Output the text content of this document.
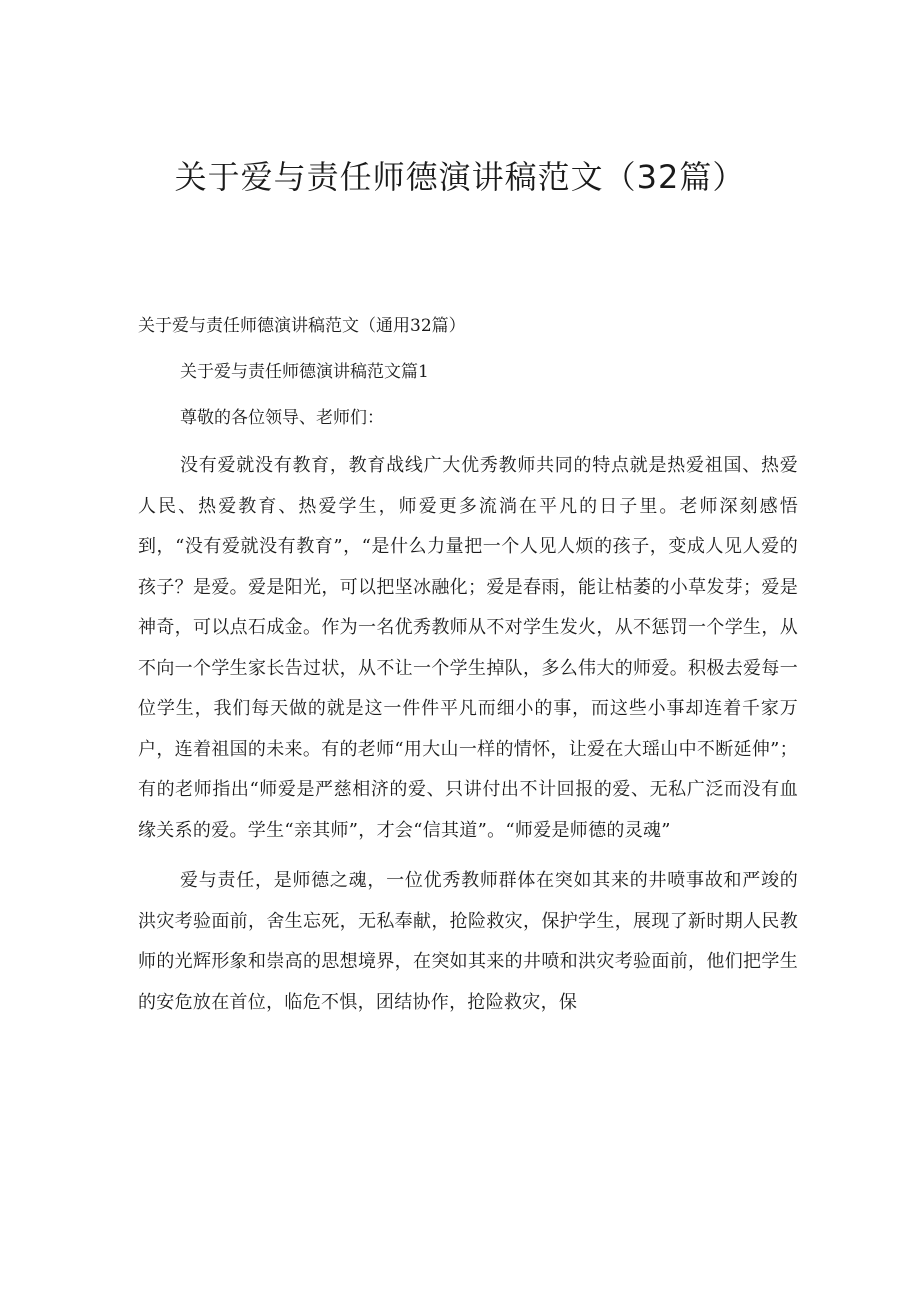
关于爱与责任师德演讲稿范文（32篇）

关于爱与责任师德演讲稿范文（通用32篇）

关于爱与责任师德演讲稿范文篇1

尊敬的各位领导、老师们：

没有爱就没有教育，教育战线广大优秀教师共同的特点就是热爱祖国、热爱人民、热爱教育、热爱学生，师爱更多流淌在平凡的日子里。老师深刻感悟到，“没有爱就没有教育”，“是什么力量把一个人见人烦的孩子，变成人见人爱的孩子？是爱。爱是阳光，可以把坚冰融化；爱是春雨，能让枯萎的小草发芽；爱是神奇，可以点石成金。作为一名优秀教师从不对学生发火，从不惩罚一个学生，从不向一个学生家长告过状，从不让一个学生掉队，多么伟大的师爱。积极去爱每一位学生，我们每天做的就是这一件件平凡而细小的事，而这些小事却连着千家万户，连着祖国的未来。有的老师“用大山一样的情怀，让爱在大瑶山中不断延伸”；有的老师指出“师爱是严慈相济的爱、只讲付出不计回报的爱、无私广泛而没有血缘关系的爱。学生“亲其师”，才会“信其道”。“师爱是师德的灵魂”

爱与责任，是师德之魂，一位优秀教师群体在突如其来的井喷事故和严竣的洪灾考验面前，舍生忘死，无私奉献，抢险救灾，保护学生，展现了新时期人民教师的光辉形象和崇高的思想境界，在突如其来的井喷和洪灾考验面前，他们把学生的安危放在首位，临危不惧，团结协作，抢险救灾，保
